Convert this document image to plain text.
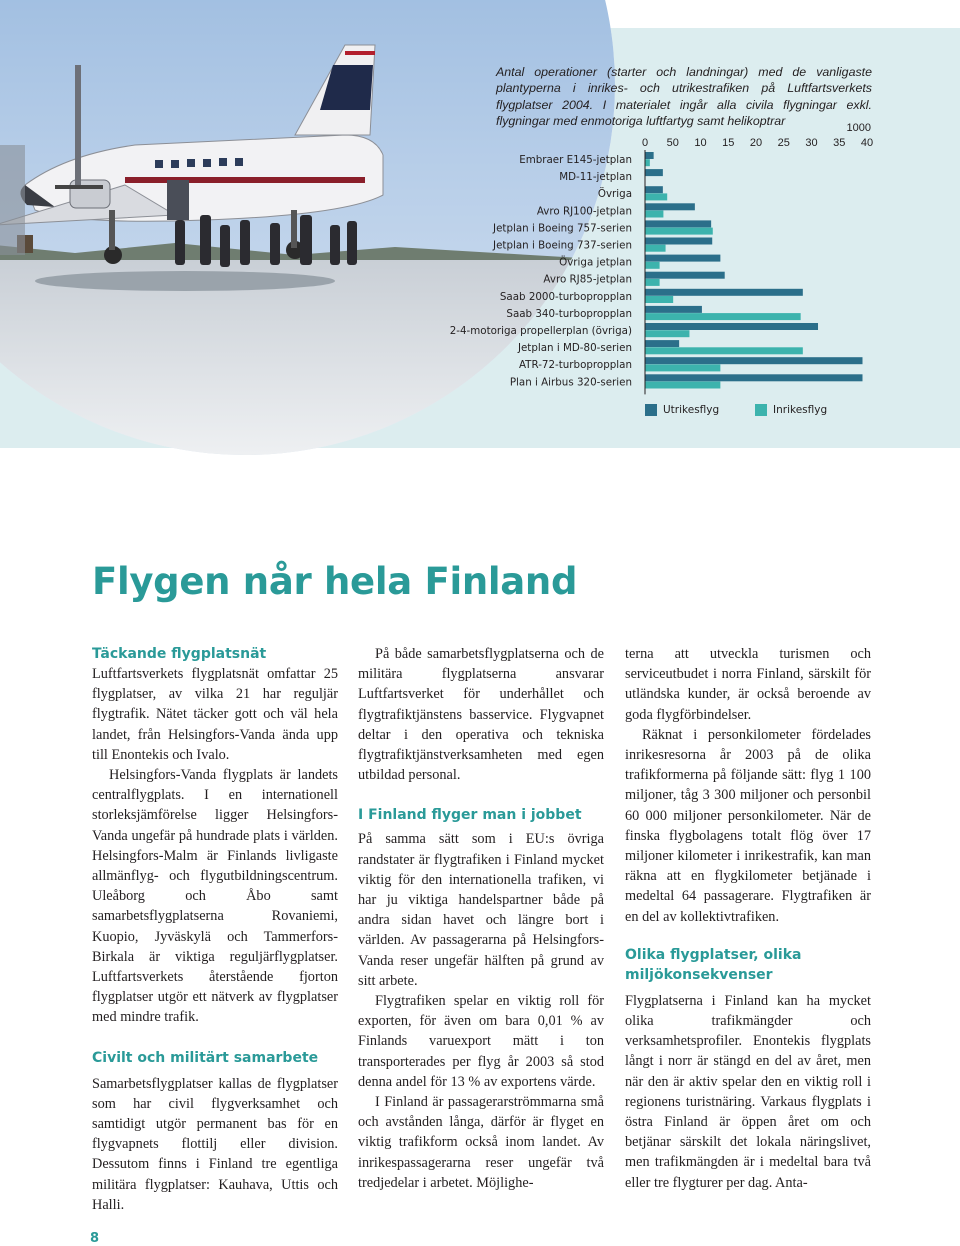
Antal operationer (starter och landningar) med de vanligaste plantyperna i inrikes- och utrikestrafiken på Luftfartsverkets flygplatser 2004. I materialet ingår alla civila flygningar exkl. flygningar med enmotoriga luftfartyg samt helikoptrar	1000
0 50 10 15 20 25 30 35 40
Embraer E145-jetplan
MD-11-jetplan
Övriga
Avro RJ100-jetplan
Jetplan i Boeing 757-serien
Jetplan i Boeing 737-serien
Övriga jetplan
Avro RJ85-jetplan
Saab 2000-turbopropplan
Saab 340-turbopropplan
2-4-motoriga propellerplan (övriga)
Jetplan i MD-80-serien
ATR-72-turbopropplan
Plan i Airbus 320-serien
Utrikesflyg	Inrikesflyg
Flygen når hela Finland
Täckande flygplatsnät

Luftfartsverkets flygplatsnät omfattar 25 flygplatser, av vilka 21 har reguljär flygtrafik. Nätet täcker gott och väl hela landet, från Helsingfors-Vanda ända upp till Enontekis och Ivalo.

Helsingfors-Vanda flygplats är landets centralflygplats. I en internationell storleksjämförelse ligger Helsingfors-Vanda ungefär på hundrade plats i världen. Helsingfors-Malm är Finlands livligaste allmänflyg- och flygutbildningscentrum. Uleåborg och Åbo samt samarbetsflygplatserna Rovaniemi, Kuopio, Jyväskylä och Tammerfors-Birkala är viktiga reguljärflygplatser. Luftfartsverkets återstående fjorton flygplatser utgör ett nätverk av flygplatser med mindre trafik.

Civilt och militärt samarbete

Samarbetsflygplatser kallas de flygplatser som har civil flygverksamhet och samtidigt utgör permanent bas för en flygvapnets flottilj eller division. Dessutom finns i Finland tre egentliga militära flygplatser: Kauhava, Uttis och Halli.

På både samarbetsflygplatserna och de militära flygplatserna ansvarar Luftfartsverket för underhållet och flygtrafiktjänstens basservice. Flygvapnet deltar i den operativa och tekniska flygtrafiktjänstverksamheten med egen utbildad personal.

I Finland flyger man i jobbet

På samma sätt som i EU:s övriga randstater är flygtrafiken i Finland mycket viktig för den internationella trafiken, vi har ju viktiga handelspartner både på andra sidan havet och längre bort i världen. Av passagerarna på Helsingfors-Vanda reser ungefär hälften på grund av sitt arbete.

Flygtrafiken spelar en viktig roll för exporten, för även om bara 0,01 % av Finlands varuexport mätt i ton transporterades per flyg år 2003 så stod denna andel för 13 % av exportens värde.

I Finland är passagerarströmmarna små och avstånden långa, därför är flyget en viktig trafikform också inom landet. Av inrikespassagerarna reser ungefär två tredjedelar i arbetet. Möjlighe-

terna att utveckla turismen och serviceutbudet i norra Finland, särskilt för utländska kunder, är också beroende av goda flygförbindelser.

Räknat i personkilometer fördelades inrikesresorna år 2003 på de olika trafikformerna på följande sätt: flyg 1 100 miljoner, tåg 3 300 miljoner och personbil 60 000 miljoner personkilometer. När de finska flygbolagens totalt flög över 17 miljoner kilometer i inrikestrafik, kan man räkna att en flygkilometer betjänade i medeltal 64 passagerare. Flygtrafiken är en del av kollektivtrafiken.

Olika flygplatser, olika miljökonsekvenser

Flygplatserna i Finland kan ha mycket olika trafikmängder och verksamhetsprofiler. Enontekis flygplats långt i norr är stängd en del av året, men när den är aktiv spelar den en viktig roll i regionens turistnäring. Varkaus flygplats i östra Finland är öppen året om och betjänar särskilt det lokala näringslivet, men trafikmängden är i medeltal bara två eller tre flygturer per dag. Anta-

8
